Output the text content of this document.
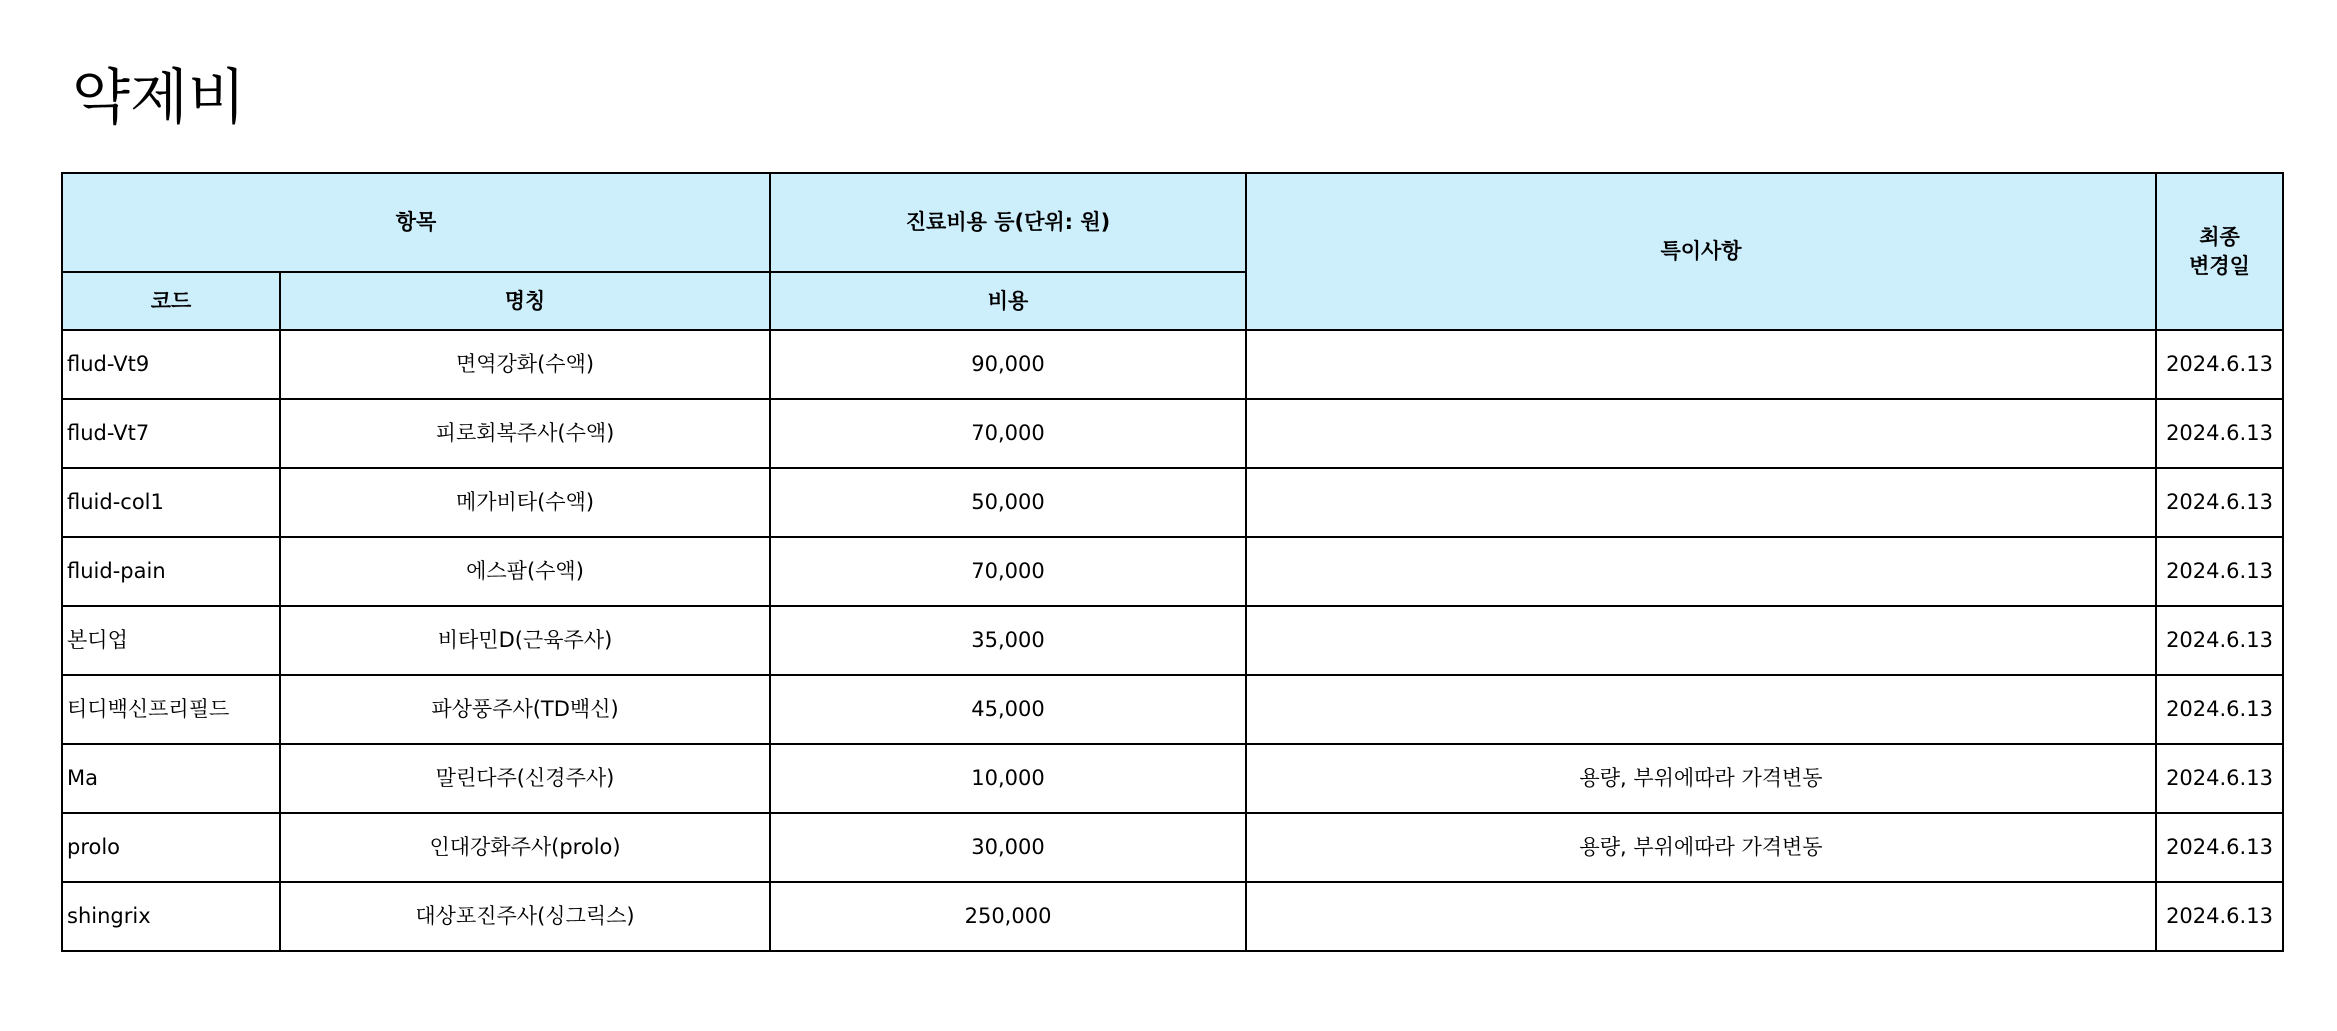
약제비
항목		진료비용 등(단위: 원)	특이사항	최종
변경일
코드	명칭	비용		
flud-Vt9	면역강화(수액)	90,000		2024.6.13
flud-Vt7	피로회복주사(수액)	70,000		2024.6.13
fluid-col1	메가비타(수액)	50,000		2024.6.13
fluid-pain	에스팜(수액)	70,000		2024.6.13
본디업	비타민D(근육주사)	35,000		2024.6.13
티디백신프리필드	파상풍주사(TD백신)	45,000		2024.6.13
Ma	말린다주(신경주사)	10,000	용량, 부위에따라 가격변동	2024.6.13
prolo	인대강화주사(prolo)	30,000	용량, 부위에따라 가격변동	2024.6.13
shingrix	대상포진주사(싱그릭스)	250,000		2024.6.13
